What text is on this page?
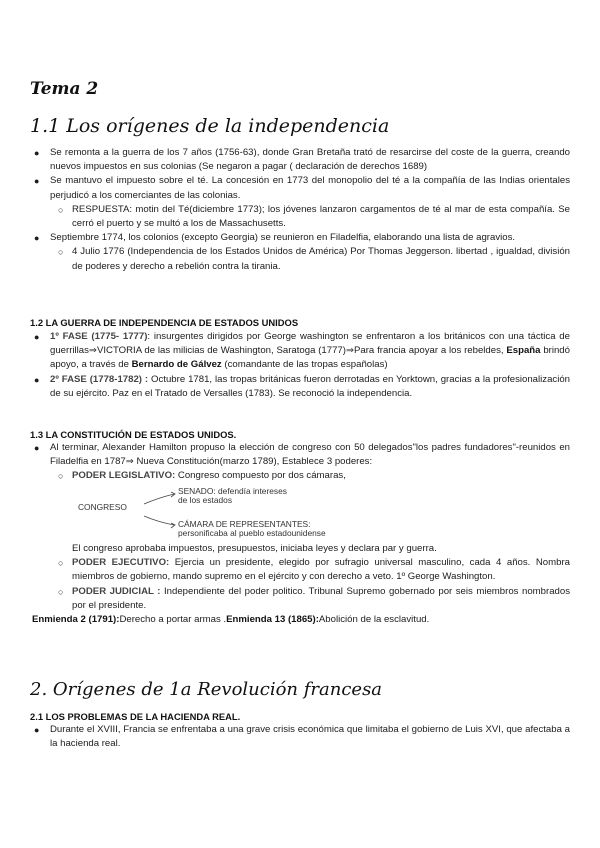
Tema 2
1.1 Los orígenes de la independencia

● Se remonta a la guerra de los 7 años (1756-63), donde Gran Bretaña trató de resarcirse del coste de la guerra, creando nuevos impuestos en sus colonias (Se negaron a pagar ( declaración de derechos 1689)

● Se mantuvo el impuesto sobre el té. La concesión en 1773 del monopolio del té a la compañía de las Indias orientales perjudicó a los comerciantes de las colonias.

○ RESPUESTA: motin del Té(diciembre 1773); los jóvenes lanzaron cargamentos de té al mar de esta compañía. Se cerró el puerto y se multó a los de Massachusetts.

● Septiembre 1774, los colonios (excepto Georgia) se reunieron en Filadelfia, elaborando una lista de agravios.

○ 4 Julio 1776 (Independencia de los Estados Unidos de América) Por Thomas Jeggerson. libertad , igualdad, división de poderes y derecho a rebelión contra la tirania.

1.2 LA GUERRA DE INDEPENDENCIA DE ESTADOS UNIDOS

● 1º FASE (1775- 1777): insurgentes dirigidos por George washington se enfrentaron a los británicos con una táctica de guerrillas⇒VICTORIA de las milicias de Washington, Saratoga (1777)⇒Para francia apoyar a los rebeldes, España brindó apoyo, a través de Bernardo de Gálvez (comandante de las tropas españolas)

● 2º FASE (1778-1782) : Octubre 1781, las tropas británicas fueron derrotadas en Yorktown, gracias a la profesionalización de su ejército. Paz en el Tratado de Versalles (1783). Se reconoció la independencia.

1.3 LA CONSTITUCIÓN DE ESTADOS UNIDOS.

● Al terminar, Alexander Hamilton propuso la elección de congreso con 50 delegados"los padres fundadores"-reunidos en Filadelfia en 1787⇒ Nueva Constitución(marzo 1789), Establece 3 poderes:

○ PODER LEGISLATIVO: Congreso compuesto por dos cámaras,

CONGRESO
SENADO: defendía intereses
de los estados
CÁMARA DE REPRESENTANTES:
personificaba al pueblo estadounidense

El congreso aprobaba impuestos, presupuestos, iniciaba leyes y declara par y guerra.

○ PODER EJECUTIVO: Ejercia un presidente, elegido por sufragio universal masculino, cada 4 años. Nombra miembros de gobierno, mando supremo en el ejército y con derecho a veto. 1º George Washington.

○ PODER JUDICIAL : Independiente del poder politico. Tribunal Supremo gobernado por seis miembros nombrados por el presidente.

Enmienda 2 (1791):Derecho a portar armas .Enmienda 13 (1865):Abolición de la esclavitud.

2. Orígenes de 1a Revolución francesa
2.1 LOS PROBLEMAS DE LA HACIENDA REAL.

● Durante el XVIII, Francia se enfrentaba a una grave crisis económica que limitaba el gobierno de Luis XVI, que afectaba a la hacienda real.
